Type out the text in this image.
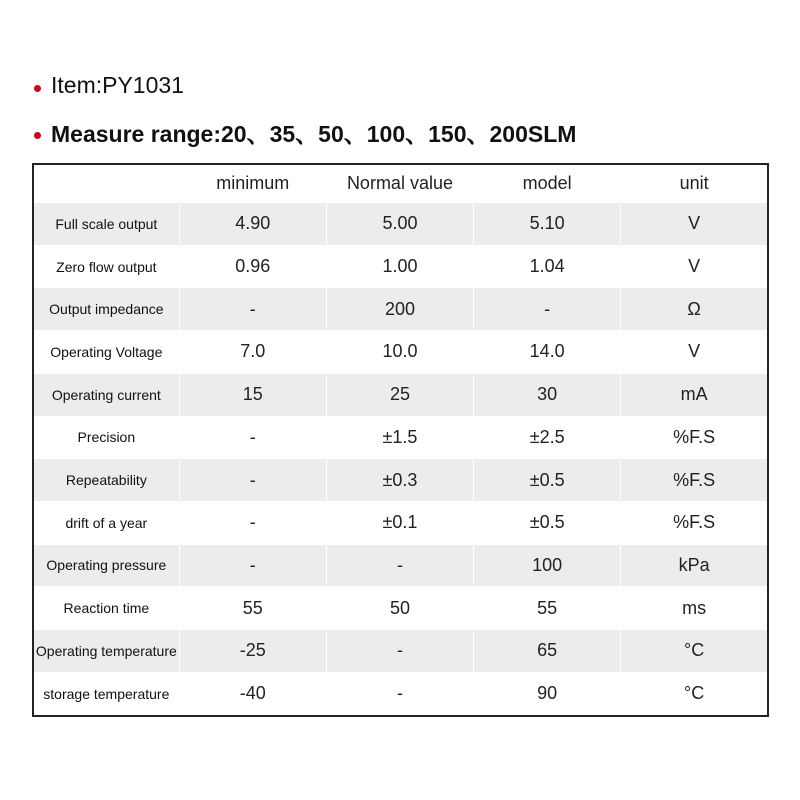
Item:PY1031
Measure range:20、35、50、100、150、200SLM
	minimum	Normal value	model	unit
Full scale output	4.90	5.00	5.10	V
Zero flow output	0.96	1.00	1.04	V
Output impedance	-	200	-	Ω
Operating Voltage	7.0	10.0	14.0	V
Operating current	15	25	30	mA
Precision	-	±1.5	±2.5	%F.S
Repeatability	-	±0.3	±0.5	%F.S
drift of a year	-	±0.1	±0.5	%F.S
Operating pressure	-	-	100	kPa
Reaction time	55	50	55	ms
Operating temperature	-25	-	65	°C
storage temperature	-40	-	90	°C
